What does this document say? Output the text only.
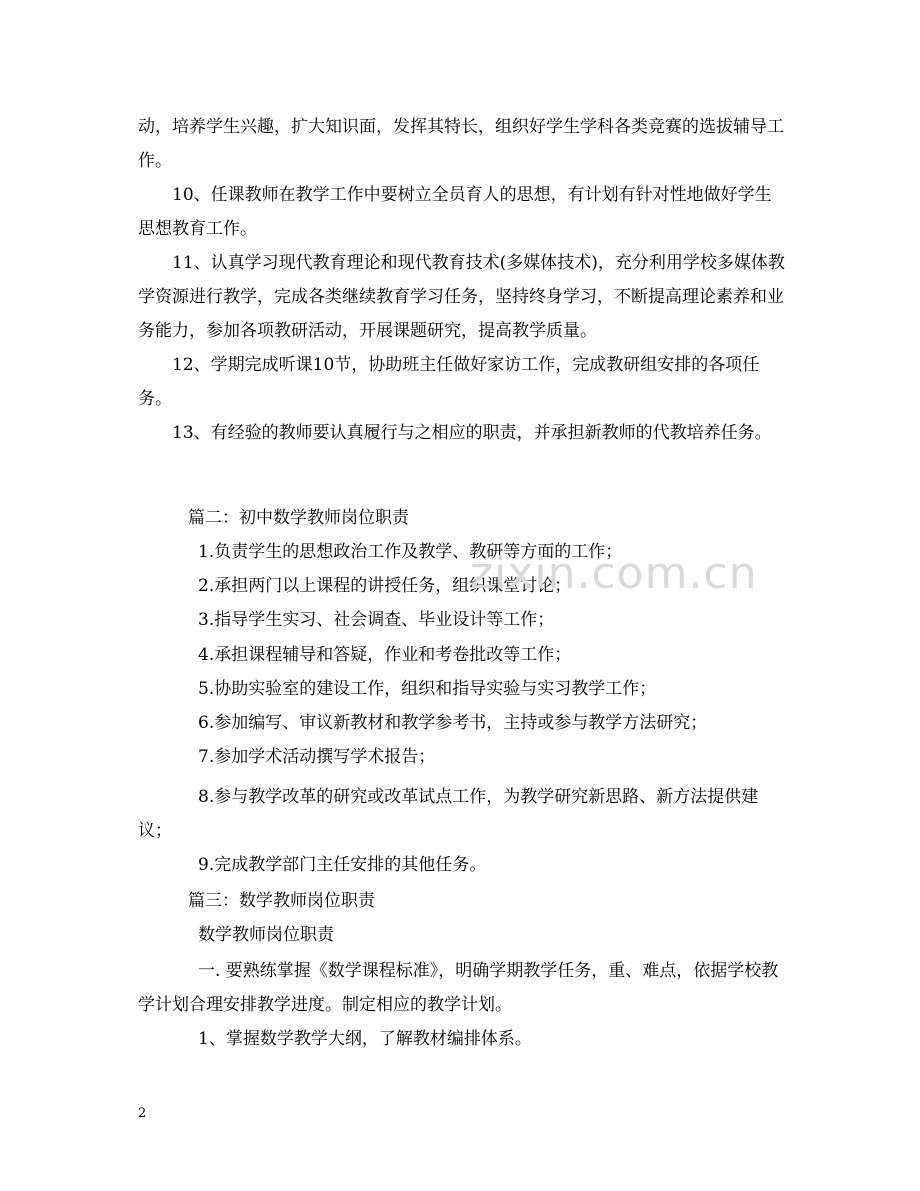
动，培养学生兴趣，扩大知识面，发挥其特长，组织好学生学科各类竞赛的选拔辅导工作。

10、任课教师在教学工作中要树立全员育人的思想，有计划有针对性地做好学生思想教育工作。

11、认真学习现代教育理论和现代教育技术(多媒体技术)，充分利用学校多媒体教学资源进行教学，完成各类继续教育学习任务，坚持终身学习，不断提高理论素养和业务能力，参加各项教研活动，开展课题研究，提高教学质量。

12、学期完成听课10节，协助班主任做好家访工作，完成教研组安排的各项任务。

13、有经验的教师要认真履行与之相应的职责，并承担新教师的代教培养任务。

篇二：初中数学教师岗位职责

1.负责学生的思想政治工作及教学、教研等方面的工作；

2.承担两门以上课程的讲授任务，组织课堂讨论；

3.指导学生实习、社会调查、毕业设计等工作；

4.承担课程辅导和答疑，作业和考卷批改等工作；

5.协助实验室的建设工作，组织和指导实验与实习教学工作；

6.参加编写、审议新教材和教学参考书，主持或参与教学方法研究；

7.参加学术活动撰写学术报告；

8.参与教学改革的研究或改革试点工作，为教学研究新思路、新方法提供建议；

9.完成教学部门主任安排的其他任务。

篇三：数学教师岗位职责

数学教师岗位职责

一. 要熟练掌握《数学课程标准》，明确学期教学任务，重、难点，依据学校教学计划合理安排教学进度。制定相应的教学计划。

1、掌握数学教学大纲，了解教材编排体系。

zixin.com.cn
2
